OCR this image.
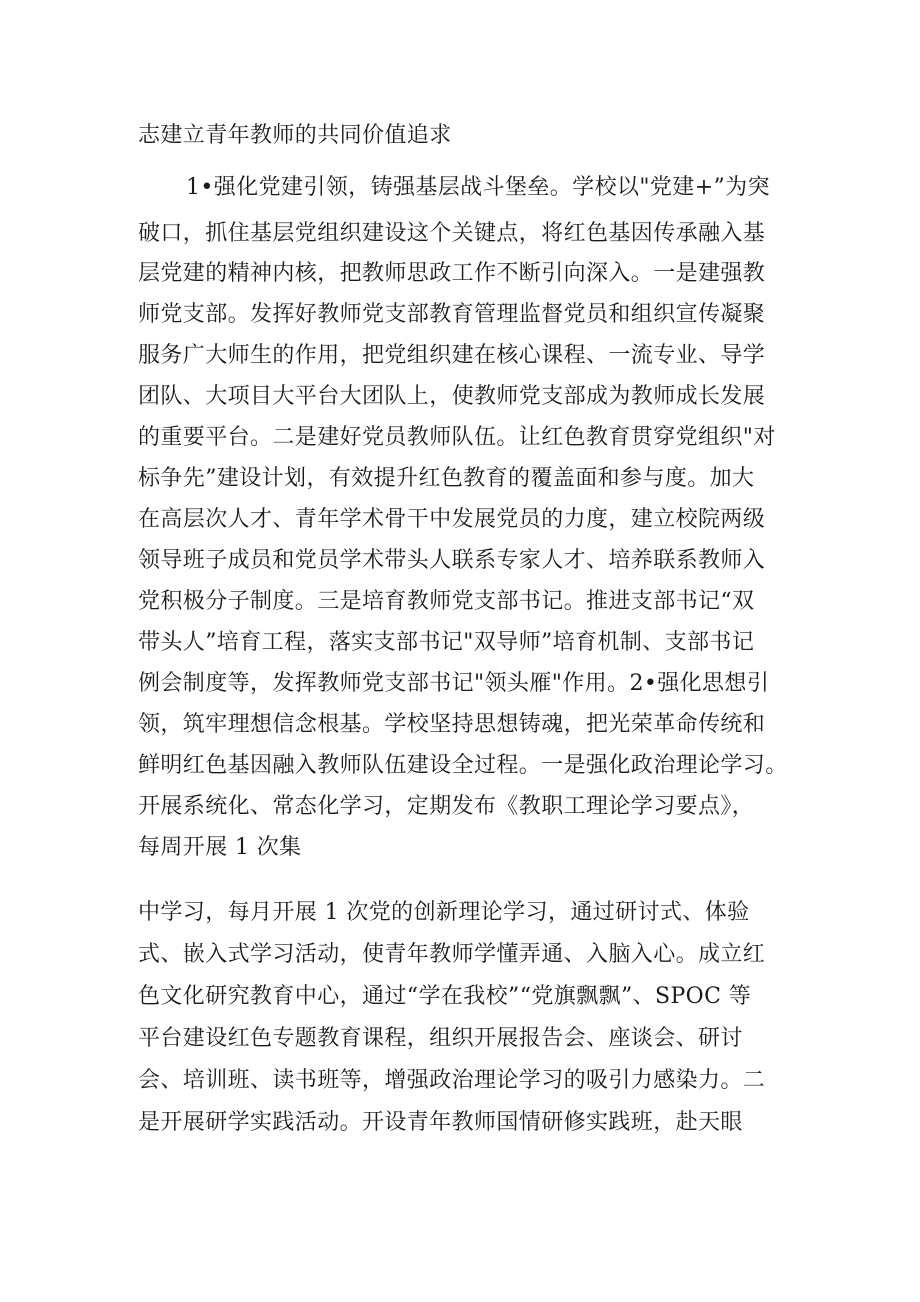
志建立青年教师的共同价值追求
1•强化党建引领，铸强基层战斗堡垒。学校以"党建+”为突
破口，抓住基层党组织建设这个关键点，将红色基因传承融入基
层党建的精神内核，把教师思政工作不断引向深入。一是建强教
师党支部。发挥好教师党支部教育管理监督党员和组织宣传凝聚
服务广大师生的作用，把党组织建在核心课程、一流专业、导学
团队、大项目大平台大团队上，使教师党支部成为教师成长发展
的重要平台。二是建好党员教师队伍。让红色教育贯穿党组织"对
标争先”建设计划，有效提升红色教育的覆盖面和参与度。加大
在高层次人才、青年学术骨干中发展党员的力度，建立校院两级
领导班子成员和党员学术带头人联系专家人才、培养联系教师入
党积极分子制度。三是培育教师党支部书记。推进支部书记“双
带头人”培育工程，落实支部书记"双导师”培育机制、支部书记
例会制度等，发挥教师党支部书记"领头雁"作用。2•强化思想引
领，筑牢理想信念根基。学校坚持思想铸魂，把光荣革命传统和
鲜明红色基因融入教师队伍建设全过程。一是强化政治理论学习。
开展系统化、常态化学习，定期发布《教职工理论学习要点》，
每周开展 1 次集
中学习，每月开展 1 次党的创新理论学习，通过研讨式、体验
式、嵌入式学习活动，使青年教师学懂弄通、入脑入心。成立红
色文化研究教育中心，通过“学在我校”“党旗飘飘”、SPOC 等
平台建设红色专题教育课程，组织开展报告会、座谈会、研讨
会、培训班、读书班等，增强政治理论学习的吸引力感染力。二
是开展研学实践活动。开设青年教师国情研修实践班，赴天眼
